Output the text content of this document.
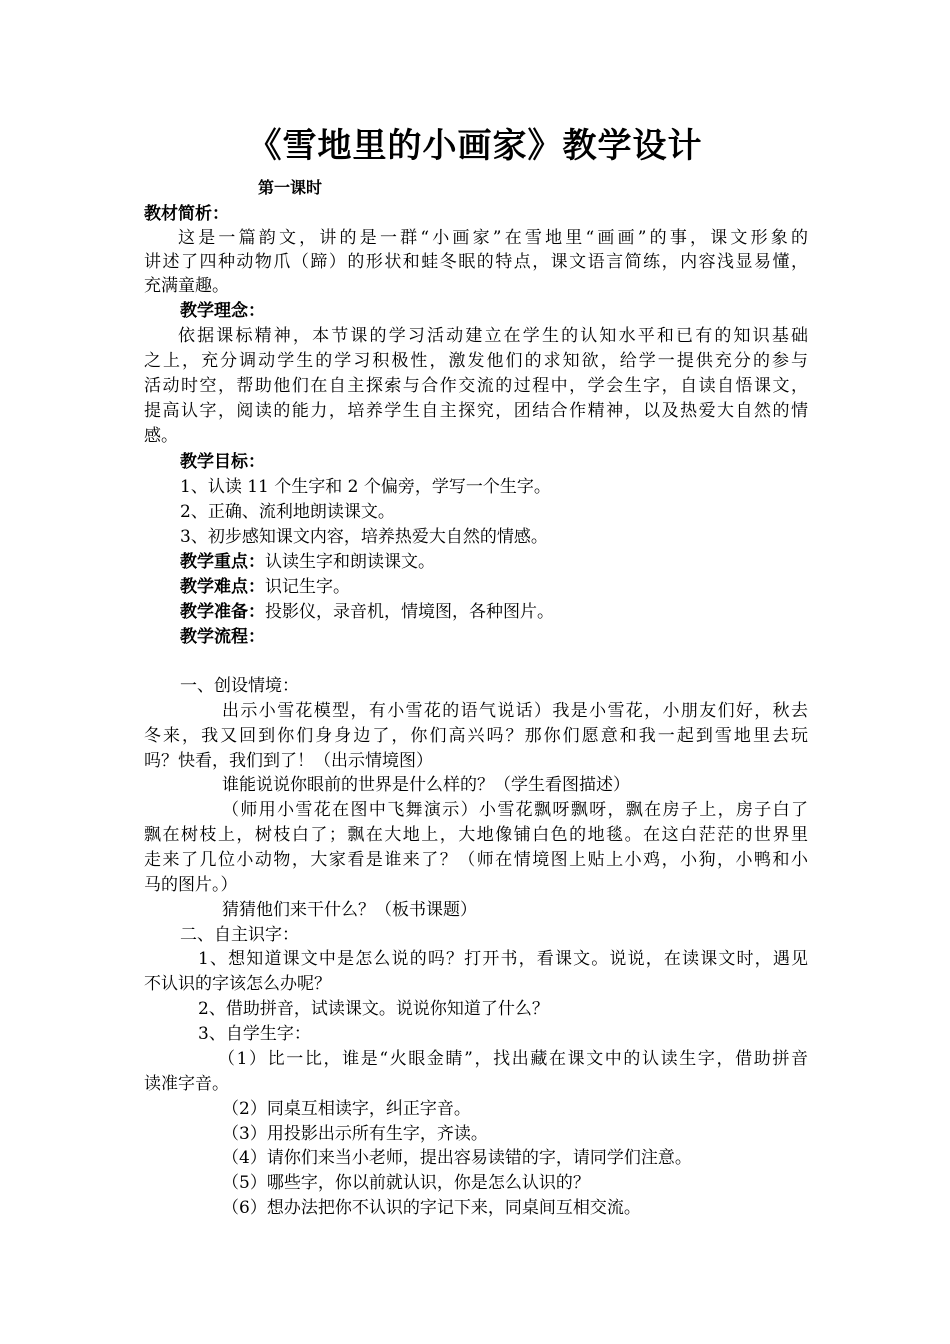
《雪地里的小画家》教学设计
第一课时
教材简析：
这是一篇韵文，讲的是一群“小画家”在雪地里“画画”的事，课文形象的
讲述了四种动物爪（蹄）的形状和蛙冬眠的特点，课文语言简练，内容浅显易懂，
充满童趣。
教学理念：
依据课标精神，本节课的学习活动建立在学生的认知水平和已有的知识基础
之上，充分调动学生的学习积极性，激发他们的求知欲，给学一提供充分的参与
活动时空，帮助他们在自主探索与合作交流的过程中，学会生字，自读自悟课文，
提高认字，阅读的能力，培养学生自主探究，团结合作精神，以及热爱大自然的情
感。
教学目标：
1、认读 11 个生字和 2 个偏旁，学写一个生字。
2、正确、流利地朗读课文。
3、初步感知课文内容，培养热爱大自然的情感。
教学重点：认读生字和朗读课文。
教学难点：识记生字。
教学准备：投影仪，录音机，情境图，各种图片。
教学流程：
一、创设情境：
出示小雪花模型，有小雪花的语气说话）我是小雪花，小朋友们好，秋去
冬来，我又回到你们身身边了，你们高兴吗？那你们愿意和我一起到雪地里去玩
吗？快看，我们到了！（出示情境图）
谁能说说你眼前的世界是什么样的？（学生看图描述）
（师用小雪花在图中飞舞演示）小雪花飘呀飘呀，飘在房子上，房子白了
飘在树枝上，树枝白了；飘在大地上，大地像铺白色的地毯。在这白茫茫的世界里
走来了几位小动物，大家看是谁来了？（师在情境图上贴上小鸡，小狗，小鸭和小
马的图片。）
猜猜他们来干什么？（板书课题）
二、自主识字：
1、想知道课文中是怎么说的吗？打开书，看课文。说说，在读课文时，遇见
不认识的字该怎么办呢？
2、借助拼音，试读课文。说说你知道了什么？
3、自学生字：
（1）比一比，谁是“火眼金睛”，找出藏在课文中的认读生字，借助拼音
读准字音。
（2）同桌互相读字，纠正字音。
（3）用投影出示所有生字，齐读。
（4）请你们来当小老师，提出容易读错的字，请同学们注意。
（5）哪些字，你以前就认识，你是怎么认识的？
（6）想办法把你不认识的字记下来，同桌间互相交流。
